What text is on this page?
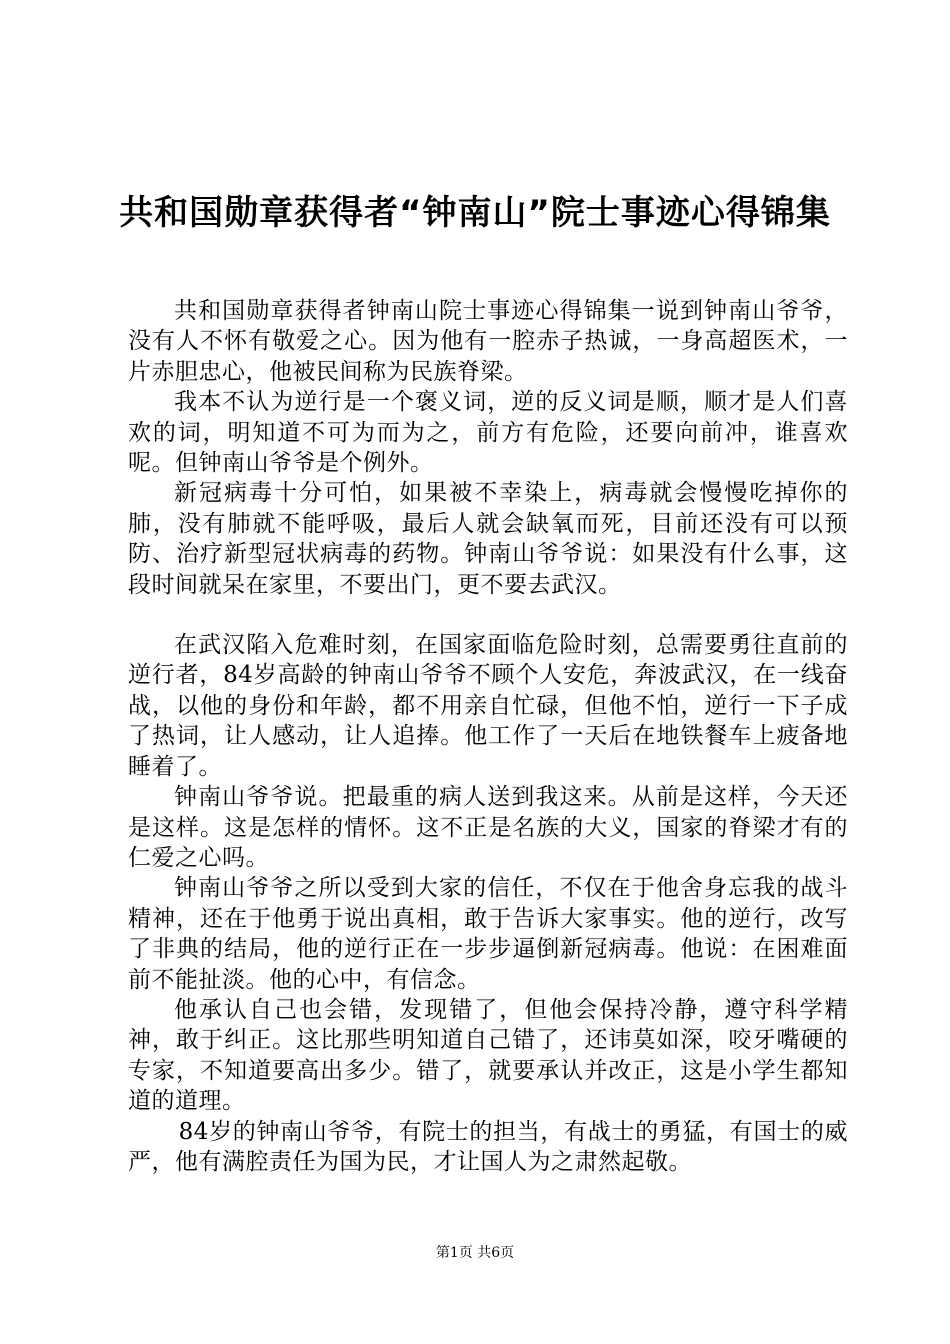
共和国勋章获得者“钟南山”院士事迹心得锦集

共和国勋章获得者钟南山院士事迹心得锦集一说到钟南山爷爷，没有人不怀有敬爱之心。因为他有一腔赤子热诚，一身高超医术，一片赤胆忠心，他被民间称为民族脊梁。

我本不认为逆行是一个褒义词，逆的反义词是顺，顺才是人们喜欢的词，明知道不可为而为之，前方有危险，还要向前冲，谁喜欢呢。但钟南山爷爷是个例外。

新冠病毒十分可怕，如果被不幸染上，病毒就会慢慢吃掉你的肺，没有肺就不能呼吸，最后人就会缺氧而死，目前还没有可以预防、治疗新型冠状病毒的药物。钟南山爷爷说：如果没有什么事，这段时间就呆在家里，不要出门，更不要去武汉。

在武汉陷入危难时刻，在国家面临危险时刻，总需要勇往直前的逆行者，84岁高龄的钟南山爷爷不顾个人安危，奔波武汉，在一线奋战，以他的身份和年龄，都不用亲自忙碌，但他不怕，逆行一下子成了热词，让人感动，让人追捧。他工作了一天后在地铁餐车上疲备地睡着了。

钟南山爷爷说。把最重的病人送到我这来。从前是这样，今天还是这样。这是怎样的情怀。这不正是名族的大义，国家的脊梁才有的仁爱之心吗。

钟南山爷爷之所以受到大家的信任，不仅在于他舍身忘我的战斗精神，还在于他勇于说出真相，敢于告诉大家事实。他的逆行，改写了非典的结局，他的逆行正在一步步逼倒新冠病毒。他说：在困难面前不能扯淡。他的心中，有信念。

他承认自己也会错，发现错了，但他会保持冷静，遵守科学精神，敢于纠正。这比那些明知道自己错了，还讳莫如深，咬牙嘴硬的专家，不知道要高出多少。错了，就要承认并改正，这是小学生都知道的道理。

84岁的钟南山爷爷，有院士的担当，有战士的勇猛，有国士的威严，他有满腔责任为国为民，才让国人为之肃然起敬。

第1页 共6页
